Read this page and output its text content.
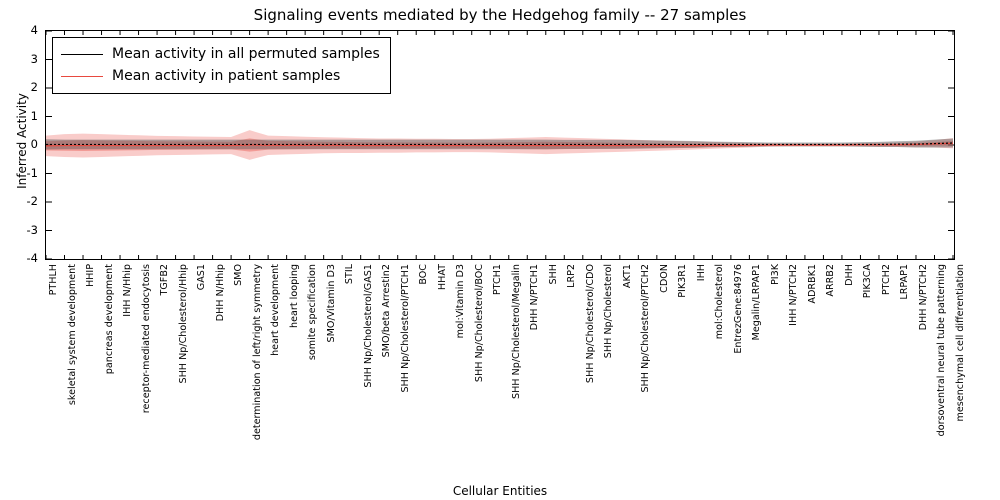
Signaling events mediated by the Hedgehog family -- 27 samples
Inferred Activity
Cellular Entities
-4
-3
-2
-1
0
1
2
3
4
Mean activity in all permuted samples
Mean activity in patient samples
PTHLH skeletal system development HHIP pancreas development IHH N/Hhip receptor-mediated endocytosis TGFB2 SHH Np/Cholesterol/Hhip GAS1 DHH N/Hhip SMO determination of left/right symmetry heart development heart looping somite specification SMO/Vitamin D3 STIL SHH Np/Cholesterol/GAS1 SMO/beta Arrestin2 SHH Np/Cholesterol/PTCH1 BOC HHAT mol:Vitamin D3 SHH Np/Cholesterol/BOC PTCH1 SHH Np/Cholesterol/Megalin DHH N/PTCH1 SHH LRP2 SHH Np/Cholesterol/CDO SHH Np/Cholesterol AKT1 SHH Np/Cholesterol/PTCH2 CDON PIK3R1 IHH mol:Cholesterol EntrezGene:84976 Megalin/LRPAP1 PI3K IHH N/PTCH2 ADRBK1 ARRB2 DHH PIK3CA PTCH2 LRPAP1 DHH N/PTCH2 dorsoventral neural tube patterning mesenchymal cell differentiation
